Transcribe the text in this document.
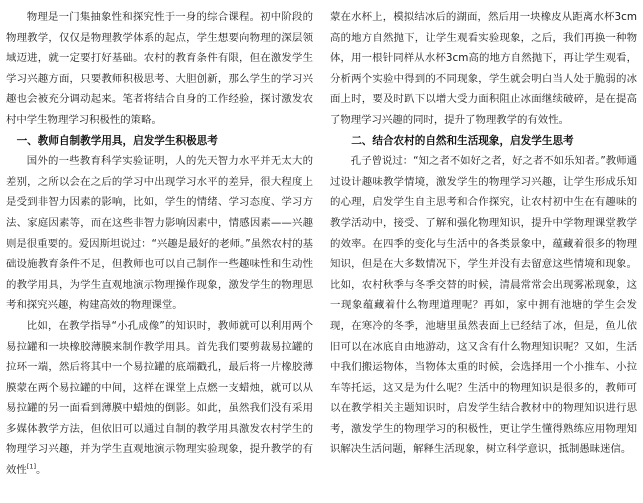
物理是一门集抽象性和探究性于一身的综合课程。初中阶段的物理教学，仅仅是物理教学体系的起点，学生想要向物理的深层领域迈进，就一定要打好基础。农村的教育条件有限，但在激发学生学习兴趣方面，只要教师积极思考、大胆创新，那么学生的学习兴趣也会被充分调动起来。笔者将结合自身的工作经验，探讨激发农村中学生物理学习积极性的策略。

一、教师自制教学用具，启发学生积极思考

国外的一些教育科学实验证明，人的先天智力水平并无太大的差别，之所以会在之后的学习中出现学习水平的差异，很大程度上是受到非智力因素的影响，比如，学生的情绪、学习态度、学习方法、家庭因素等，而在这些非智力影响因素中，情感因素——兴趣则是很重要的。爱因斯坦说过：“兴趣是最好的老师。”虽然农村的基础设施教育条件不足，但教师也可以自己制作一些趣味性和生动性的教学用具，为学生直观地演示物理操作现象，激发学生的物理思考和探究兴趣，构建高效的物理课堂。

比如，在教学指导“小孔成像”的知识时，教师就可以利用两个易拉罐和一块橡胶薄膜来制作教学用具。首先我们要剪裁易拉罐的拉环一端，然后将其中一个易拉罐的底端戳孔，最后将一片橡胶薄膜蒙在两个易拉罐的中间，这样在课堂上点燃一支蜡烛，就可以从易拉罐的另一面看到薄膜中蜡烛的倒影。如此，虽然我们没有采用多媒体教学方法，但依旧可以通过自制的教学用具激发农村学生的物理学习兴趣，并为学生直观地演示物理实验现象，提升教学的有效性[1]。

蒙在水杯上，模拟结冰后的湖面，然后用一块橡皮从距离水杯3cm高的地方自然抛下，让学生观看实验现象，之后，我们再换一种物体，用一根针同样从水杯3cm高的地方自然抛下，再让学生观看，分析两个实验中得到的不同现象，学生就会明白当人处于脆弱的冰面上时，要及时趴下以增大受力面积阻止冰面继续破碎，是在提高了物理学习兴趣的同时，提升了物理教学的有效性。

二、结合农村的自然和生活现象，启发学生思考

孔子曾说过：“知之者不如好之者，好之者不如乐知者。”教师通过设计趣味教学情境，激发学生的物理学习兴趣，让学生形成乐知的心理，启发学生自主思考和合作探究，让农村初中生在有趣味的教学活动中，接受、了解和强化物理知识，提升中学物理课堂教学的效率。在四季的变化与生活中的各类景象中，蕴藏着很多的物理知识，但是在大多数情况下，学生并没有去留意这些情境和现象。比如，农村秋季与冬季交替的时候，清晨常常会出现雾凇现象，这一现象蕴藏着什么物理道理呢？再如，家中拥有池塘的学生会发现，在寒冷的冬季，池塘里虽然表面上已经结了冰，但是，鱼儿依旧可以在冰底自由地游动，这又含有什么物理知识呢？又如，生活中我们搬运物体，当物体太重的时候，会选择用一个小推车、小拉车等托运，这又是为什么呢？生活中的物理知识是很多的，教师可以在教学相关主题知识时，启发学生结合教材中的物理知识进行思考，激发学生的物理学习的积极性，更让学生懂得熟练应用物理知识解决生活问题，解释生活现象，树立科学意识，抵制愚昧迷信。
